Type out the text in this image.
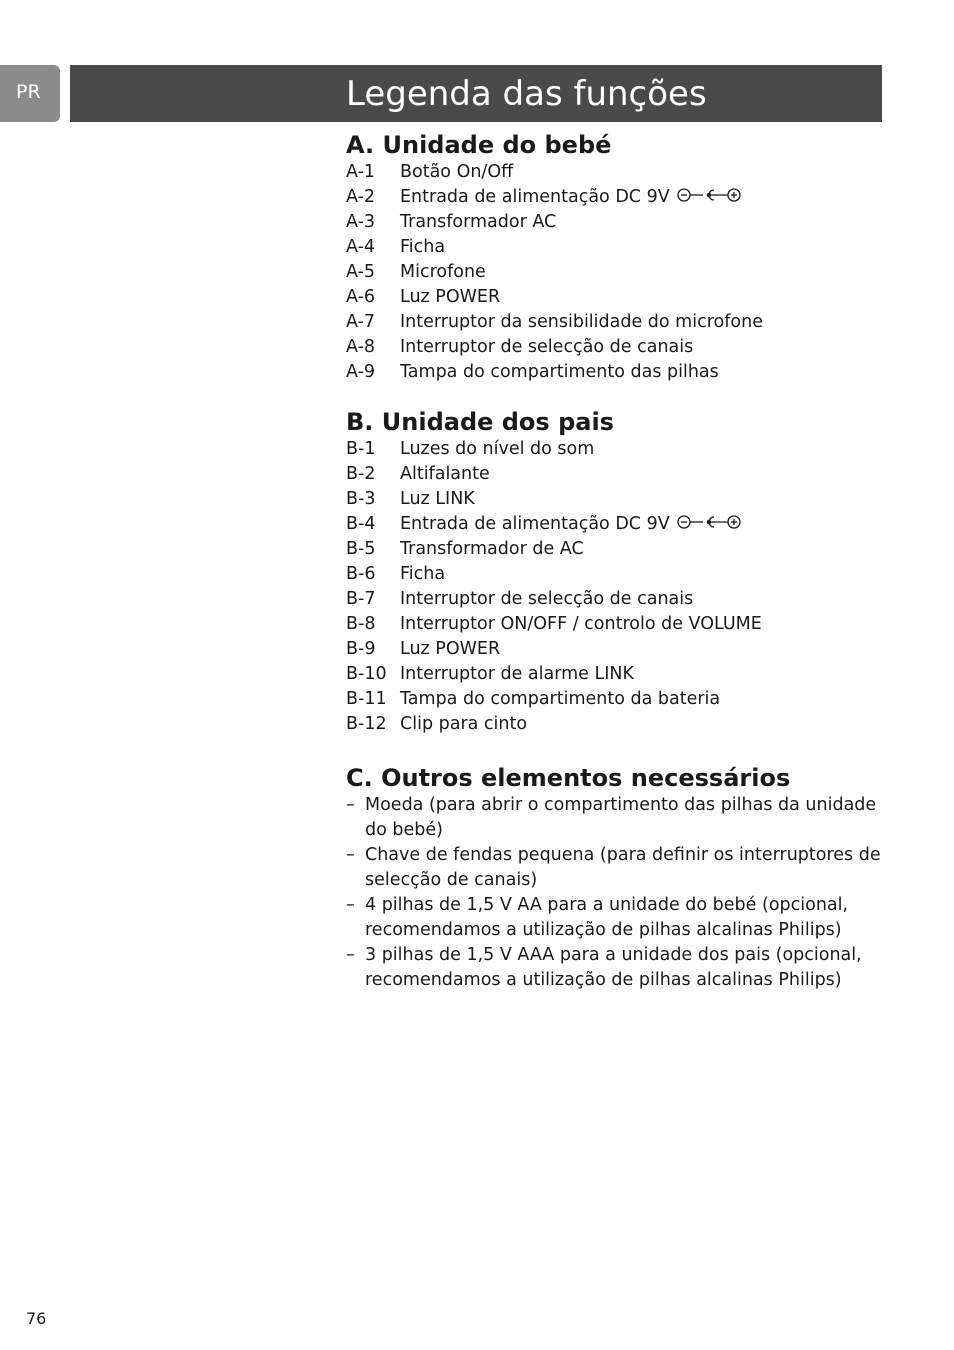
PR	Legenda das funções
A. Unidade do bebé
A-1 Botão On/Off
A-2 Entrada de alimentação DC 9V
A-3 Transformador AC
A-4 Ficha
A-5 Microfone
A-6 Luz POWER
A-7 Interruptor da sensibilidade do microfone
A-8 Interruptor de selecção de canais
A-9 Tampa do compartimento das pilhas
B. Unidade dos pais
B-1 Luzes do nível do som
B-2 Altifalante
B-3 Luz LINK
B-4 Entrada de alimentação DC 9V
B-5 Transformador de AC
B-6 Ficha
B-7 Interruptor de selecção de canais
B-8 Interruptor ON/OFF / controlo de VOLUME
B-9 Luz POWER
B-10 Interruptor de alarme LINK
B-11 Tampa do compartimento da bateria
B-12 Clip para cinto
C. Outros elementos necessários
– Moeda (para abrir o compartimento das pilhas da unidade do bebé)
– Chave de fendas pequena (para definir os interruptores de selecção de canais)
– 4 pilhas de 1,5 V AA para a unidade do bebé (opcional, recomendamos a utilização de pilhas alcalinas Philips)
– 3 pilhas de 1,5 V AAA para a unidade dos pais (opcional, recomendamos a utilização de pilhas alcalinas Philips)
76
